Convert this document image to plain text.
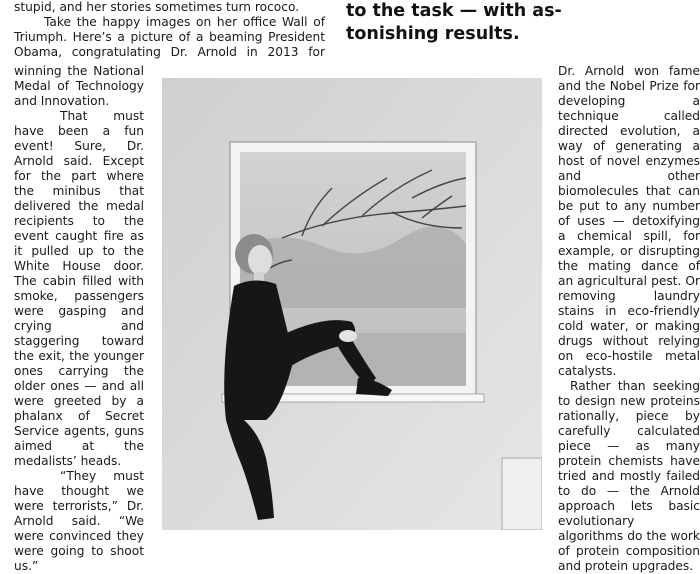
stupid, and her stories sometimes turn rococo.

Take the happy images on her office Wall of Triumph. Here’s a picture of a beaming President Obama, congratulating Dr. Arnold in 2013 for

to the task — with as-
tonishing results.

winning the National Medal of Technology and Innovation.

That must have been a fun event! Sure, Dr. Arnold said. Except for the part where the minibus that delivered the medal recipients to the event caught fire as it pulled up to the White House door. The cabin filled with smoke, passengers were gasping and crying and staggering toward the exit, the younger ones carrying the older ones — and all were greeted by a phalanx of Secret Service agents, guns aimed at the medalists’ heads.

“They must have thought we were terrorists,” Dr. Arnold said. “We were convinced they were going to shoot us.”

Dr. Arnold won fame and the Nobel Prize for developing a technique called directed evolution, a way of generating a host of novel enzymes and other biomolecules that can be put to any number of uses — detoxifying a chemical spill, for example, or disrupting the mating dance of an agricultural pest. Or removing laundry stains in eco-friendly cold water, or making drugs without relying on eco-hostile metal catalysts.

Rather than seeking to design new proteins rationally, piece by carefully calculated piece — as many protein chemists have tried and mostly failed to do — the Arnold approach lets basic evolutionary algorithms do the work of protein composition and protein upgrades.
